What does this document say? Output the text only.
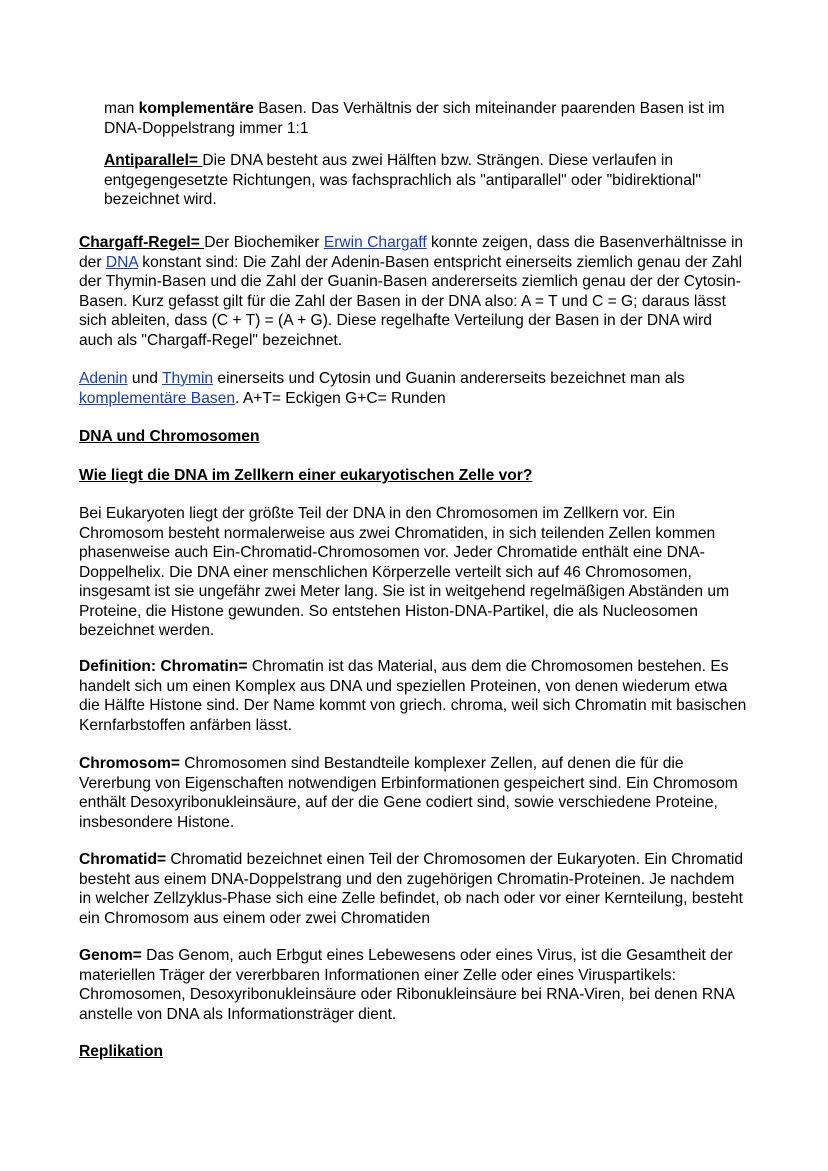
man komplementäre Basen. Das Verhältnis der sich miteinander paarenden Basen ist im DNA-Doppelstrang immer 1:1

Antiparallel= Die DNA besteht aus zwei Hälften bzw. Strängen. Diese verlaufen in entgegengesetzte Richtungen, was fachsprachlich als "antiparallel" oder "bidirektional" bezeichnet wird.

Chargaff-Regel= Der Biochemiker Erwin Chargaff konnte zeigen, dass die Basenverhältnisse in der DNA konstant sind: Die Zahl der Adenin-Basen entspricht einerseits ziemlich genau der Zahl der Thymin-Basen und die Zahl der Guanin-Basen andererseits ziemlich genau der der Cytosin-Basen. Kurz gefasst gilt für die Zahl der Basen in der DNA also: A = T und C = G; daraus lässt sich ableiten, dass (C + T) = (A + G). Diese regelhafte Verteilung der Basen in der DNA wird auch als "Chargaff-Regel" bezeichnet.

Adenin und Thymin einerseits und Cytosin und Guanin andererseits bezeichnet man als komplementäre Basen. A+T= Eckigen G+C= Runden

DNA und Chromosomen

Wie liegt die DNA im Zellkern einer eukaryotischen Zelle vor?

Bei Eukaryoten liegt der größte Teil der DNA in den Chromosomen im Zellkern vor. Ein Chromosom besteht normalerweise aus zwei Chromatiden, in sich teilenden Zellen kommen phasenweise auch Ein-Chromatid-Chromosomen vor. Jeder Chromatide enthält eine DNA-Doppelhelix. Die DNA einer menschlichen Körperzelle verteilt sich auf 46 Chromosomen, insgesamt ist sie ungefähr zwei Meter lang. Sie ist in weitgehend regelmäßigen Abständen um Proteine, die Histone gewunden. So entstehen Histon-DNA-Partikel, die als Nucleosomen bezeichnet werden.

Definition: Chromatin= Chromatin ist das Material, aus dem die Chromosomen bestehen. Es handelt sich um einen Komplex aus DNA und speziellen Proteinen, von denen wiederum etwa die Hälfte Histone sind. Der Name kommt von griech. chroma, weil sich Chromatin mit basischen Kernfarbstoffen anfärben lässt.

Chromosom= Chromosomen sind Bestandteile komplexer Zellen, auf denen die für die Vererbung von Eigenschaften notwendigen Erbinformationen gespeichert sind. Ein Chromosom enthält Desoxyribonukleinsäure, auf der die Gene codiert sind, sowie verschiedene Proteine, insbesondere Histone.

Chromatid= Chromatid bezeichnet einen Teil der Chromosomen der Eukaryoten. Ein Chromatid besteht aus einem DNA-Doppelstrang und den zugehörigen Chromatin-Proteinen. Je nachdem in welcher Zellzyklus-Phase sich eine Zelle befindet, ob nach oder vor einer Kernteilung, besteht ein Chromosom aus einem oder zwei Chromatiden

Genom= Das Genom, auch Erbgut eines Lebewesens oder eines Virus, ist die Gesamtheit der materiellen Träger der vererbbaren Informationen einer Zelle oder eines Viruspartikels: Chromosomen, Desoxyribonukleinsäure oder Ribonukleinsäure bei RNA-Viren, bei denen RNA anstelle von DNA als Informationsträger dient.

Replikation
